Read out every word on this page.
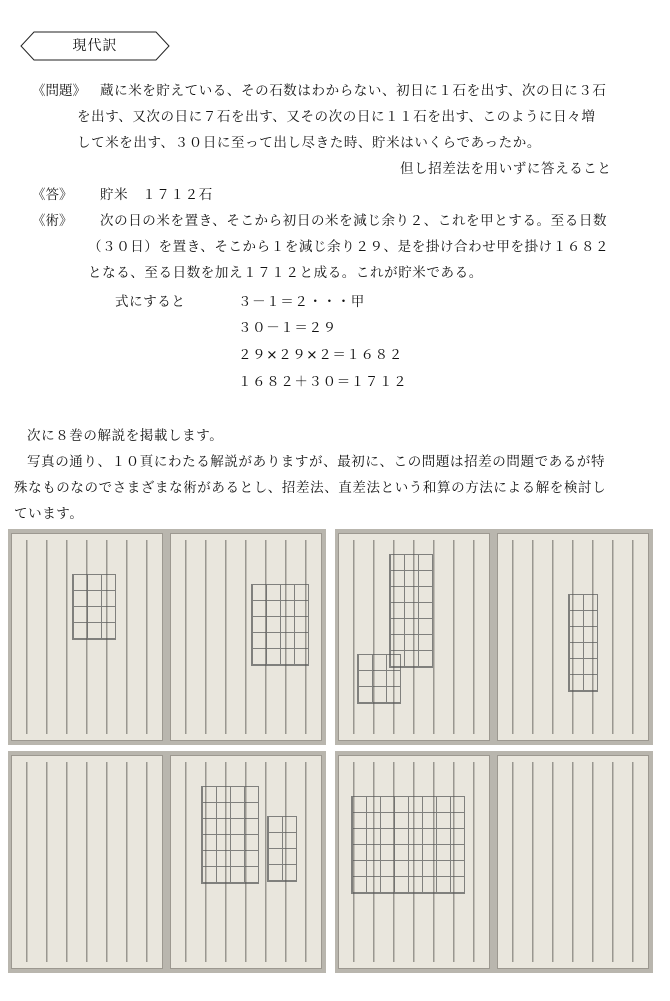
現代訳
《問題》 蔵に米を貯えている、その石数はわからない、初日に１石を出す、次の日に３石
を出す、又次の日に７石を出す、又その次の日に１１石を出す、このように日々増
して米を出す、３０日に至って出し尽きた時、貯米はいくらであったか。
但し招差法を用いずに答えること
《答》 貯米　１７１２石
《術》 次の日の米を置き、そこから初日の米を減じ余り２、これを甲とする。至る日数
（３０日）を置き、そこから１を減じ余り２９、是を掛け合わせ甲を掛け１６８２
となる、至る日数を加え１７１２と成る。これが貯米である。
式にすると	３－１＝２・・・甲
３０－１＝２９
２９×２９×２＝１６８２
１６８２＋３０＝１７１２
次に８巻の解説を掲載します。
写真の通り、１０頁にわたる解説がありますが、最初に、この問題は招差の問題であるが特
殊なものなのでさまざまな術があるとし、招差法、直差法という和算の方法による解を検討し
ています。
